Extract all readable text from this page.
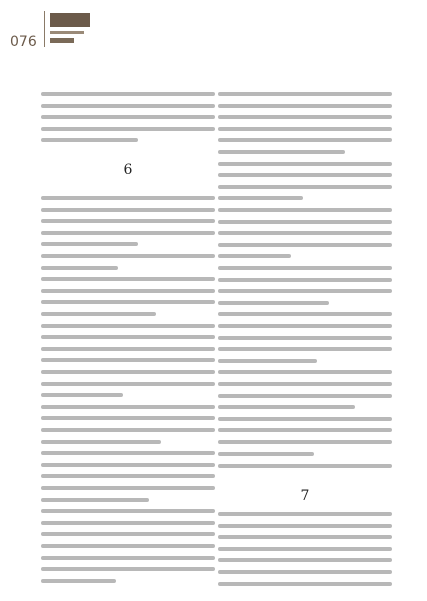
076
6
7
